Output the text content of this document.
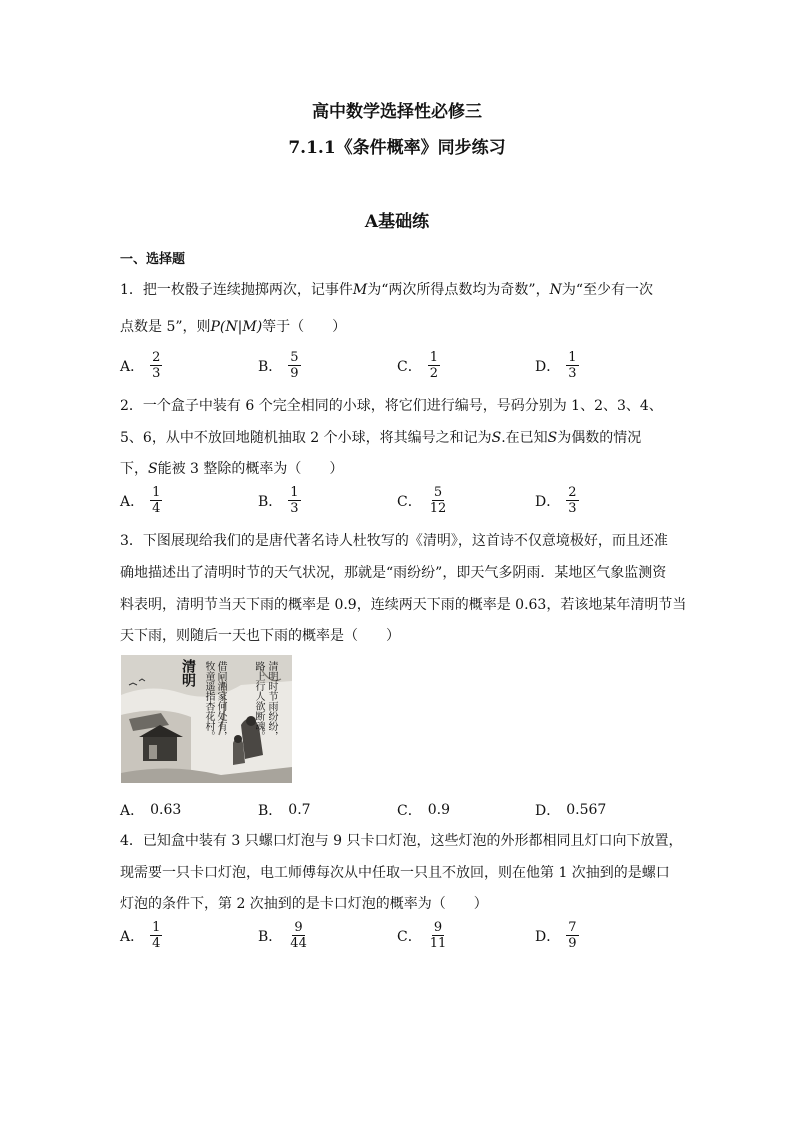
高中数学选择性必修三
7.1.1《条件概率》同步练习
A基础练
一、选择题
1．把一枚骰子连续抛掷两次，记事件M为“两次所得点数均为奇数”，N为“至少有一次
点数是 5”，则P(N|M)等于（　　）
A． $\frac{2}{3}$	B． $\frac{5}{9}$	C． $\frac{1}{2}$	D． $\frac{1}{3}$
2．一个盒子中装有 6 个完全相同的小球，将它们进行编号，号码分别为 1、2、3、4、
5、6，从中不放回地随机抽取 2 个小球，将其编号之和记为S.在已知S为偶数的情况
下，S能被 3 整除的概率为（　　）
A． $\frac{1}{4}$	B． $\frac{1}{3}$	C． $\frac{5}{12}$	D． $\frac{2}{3}$
3．下图展现给我们的是唐代著名诗人杜牧写的《清明》，这首诗不仅意境极好，而且还准
确地描述出了清明时节的天气状况，那就是“雨纷纷”，即天气多阴雨．某地区气象监测资
料表明，清明节当天下雨的概率是 0.9，连续两天下雨的概率是 0.63，若该地某年清明节当
天下雨，则随后一天也下雨的概率是（　　）
清明 牧童遥指杏花村。 借问酒家何处有，	路上行人欲断魂。 清明时节雨纷纷，
A． 0.63	B． 0.7	C． 0.9	D． 0.567
4．已知盒中装有 3 只螺口灯泡与 9 只卡口灯泡，这些灯泡的外形都相同且灯口向下放置，
现需要一只卡口灯泡，电工师傅每次从中任取一只且不放回，则在他第 1 次抽到的是螺口
灯泡的条件下，第 2 次抽到的是卡口灯泡的概率为（　　）
A． $\frac{1}{4}$	B． $\frac{9}{44}$	C． $\frac{9}{11}$	D． $\frac{7}{9}$
